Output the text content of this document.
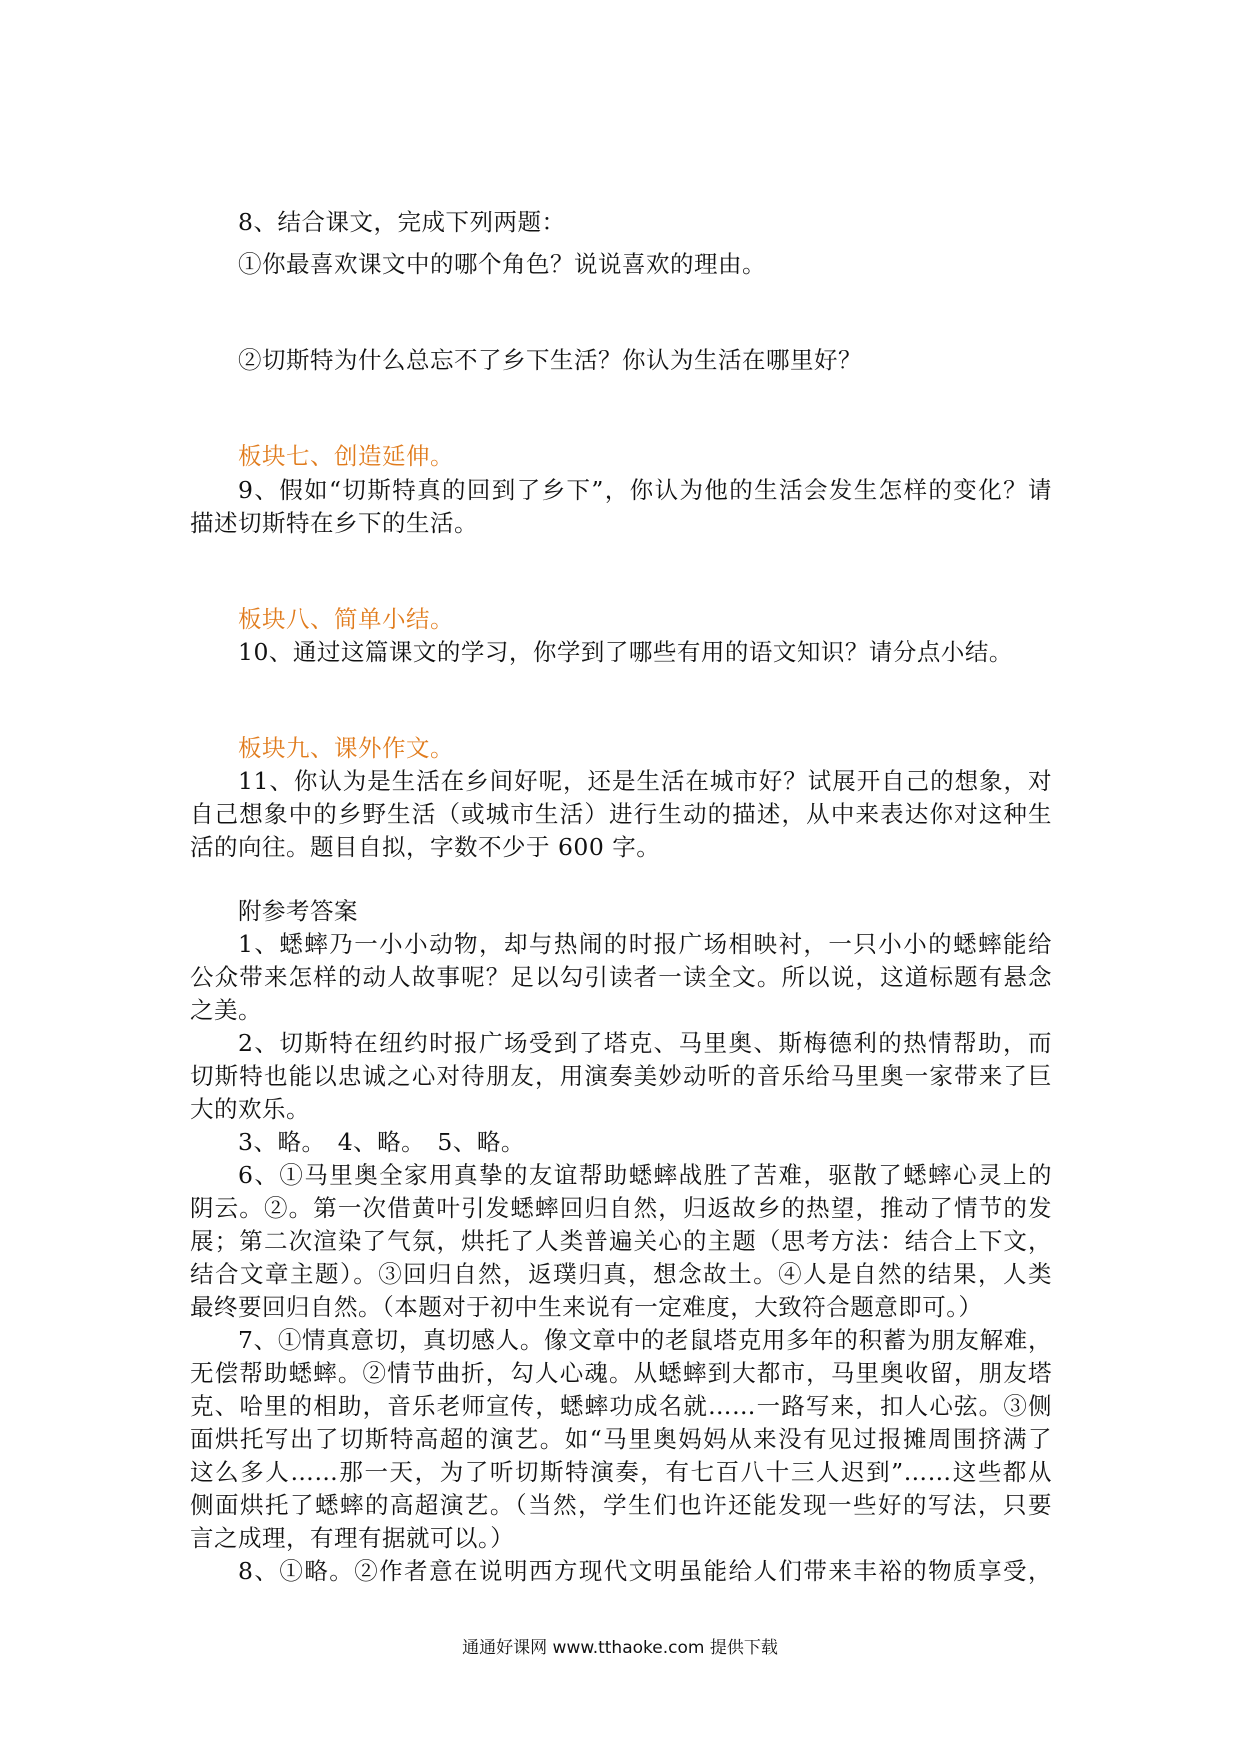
8、结合课文，完成下列两题：
①你最喜欢课文中的哪个角色？说说喜欢的理由。
②切斯特为什么总忘不了乡下生活？你认为生活在哪里好？
板块七、创造延伸。
9、假如“切斯特真的回到了乡下”，你认为他的生活会发生怎样的变化？请
描述切斯特在乡下的生活。
板块八、简单小结。
10、通过这篇课文的学习，你学到了哪些有用的语文知识？请分点小结。
板块九、课外作文。
11、你认为是生活在乡间好呢，还是生活在城市好？试展开自己的想象，对
自己想象中的乡野生活（或城市生活）进行生动的描述，从中来表达你对这种生
活的向往。题目自拟，字数不少于 600 字。
附参考答案
1、蟋蟀乃一小小动物，却与热闹的时报广场相映衬，一只小小的蟋蟀能给
公众带来怎样的动人故事呢？足以勾引读者一读全文。所以说，这道标题有悬念
之美。
2、切斯特在纽约时报广场受到了塔克、马里奥、斯梅德利的热情帮助，而
切斯特也能以忠诚之心对待朋友，用演奏美妙动听的音乐给马里奥一家带来了巨
大的欢乐。
3、略。　4、略。　5、略。
6、①马里奥全家用真挚的友谊帮助蟋蟀战胜了苦难，驱散了蟋蟀心灵上的
阴云。②。第一次借黄叶引发蟋蟀回归自然，归返故乡的热望，推动了情节的发
展；第二次渲染了气氛，烘托了人类普遍关心的主题（思考方法：结合上下文，
结合文章主题）。③回归自然，返璞归真，想念故土。④人是自然的结果，人类
最终要回归自然。（本题对于初中生来说有一定难度，大致符合题意即可。）
7、①情真意切，真切感人。像文章中的老鼠塔克用多年的积蓄为朋友解难，
无偿帮助蟋蟀。②情节曲折，勾人心魂。从蟋蟀到大都市，马里奥收留，朋友塔
克、哈里的相助，音乐老师宣传，蟋蟀功成名就……一路写来，扣人心弦。③侧
面烘托写出了切斯特高超的演艺。如“马里奥妈妈从来没有见过报摊周围挤满了
这么多人……那一天，为了听切斯特演奏，有七百八十三人迟到”……这些都从
侧面烘托了蟋蟀的高超演艺。（当然，学生们也许还能发现一些好的写法，只要
言之成理，有理有据就可以。）
8、①略。②作者意在说明西方现代文明虽能给人们带来丰裕的物质享受，
通通好课网 www.tthaoke.com 提供下载
